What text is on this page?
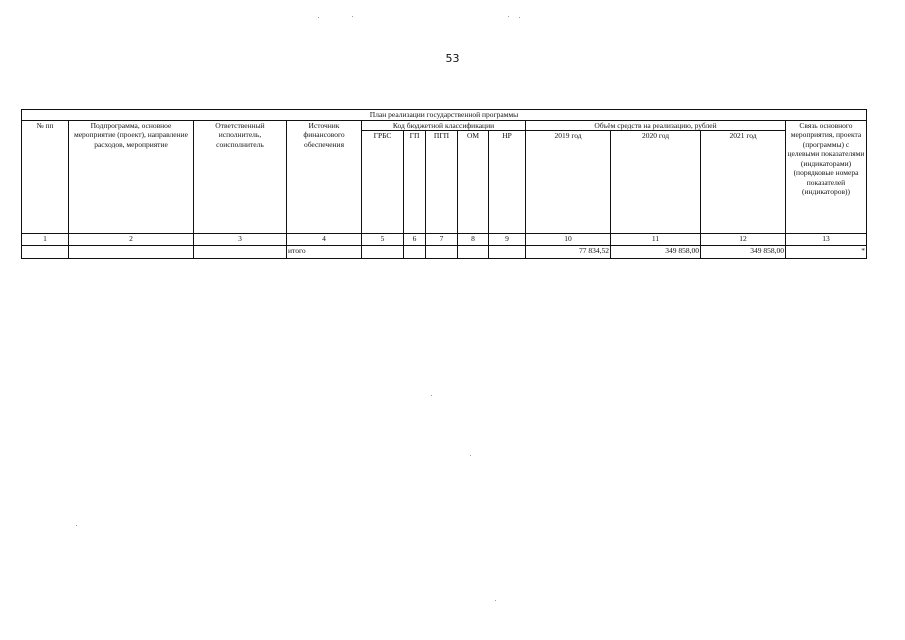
53
План реализации государственной программы												
№ пп	Подпрограмма, основное мероприятие (проект), направление расходов, мероприятие	Ответственный исполнитель, соисполнитель	Источник финансового обеспечения	Код бюджетной классификации					Объём средств на реализацию, рублей			Связь основного мероприятия, проекта (программы) с целевыми показателями (индикаторами) (порядковые номера показателей (индикаторов))
				ГРБС	ГП	ПГП	ОМ	НР	2019 год	2020 год	2021 год	
1	2	3	4	5	6	7	8	9	10	11	12	13
			итого						77 834,52	349 858,00	349 858,00	*
